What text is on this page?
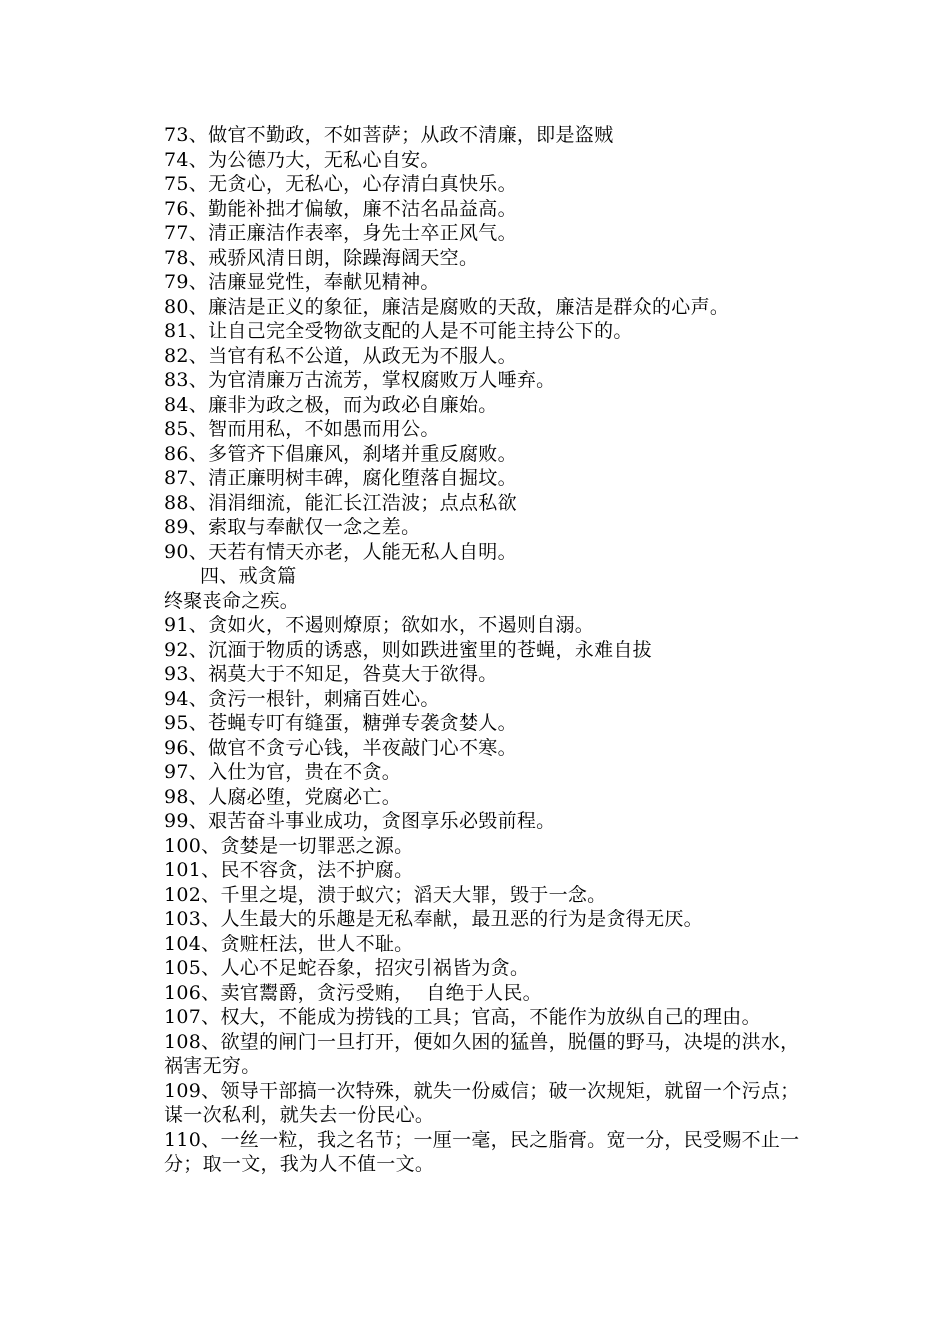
73、做官不勤政，不如菩萨；从政不清廉，即是盗贼

74、为公德乃大，无私心自安。

75、无贪心，无私心，心存清白真快乐。

76、勤能补拙才偏敏，廉不沽名品益高。

77、清正廉洁作表率，身先士卒正风气。

78、戒骄风清日朗，除躁海阔天空。

79、洁廉显党性，奉献见精神。

80、廉洁是正义的象征，廉洁是腐败的天敌，廉洁是群众的心声。

81、让自己完全受物欲支配的人是不可能主持公下的。

82、当官有私不公道，从政无为不服人。

83、为官清廉万古流芳，掌权腐败万人唾弃。

84、廉非为政之极，而为政必自廉始。

85、智而用私，不如愚而用公。

86、多管齐下倡廉风，刹堵并重反腐败。

87、清正廉明树丰碑，腐化堕落自掘坟。

88、涓涓细流，能汇长江浩波；点点私欲

89、索取与奉献仅一念之差。

90、天若有情天亦老，人能无私人自明。

四、戒贪篇

终聚丧命之疾。

91、贪如火，不遏则燎原；欲如水，不遏则自溺。

92、沉湎于物质的诱惑，则如跌进蜜里的苍蝇，永难自拔

93、祸莫大于不知足，咎莫大于欲得。

94、贪污一根针，刺痛百姓心。

95、苍蝇专叮有缝蛋，糖弹专袭贪婪人。

96、做官不贪亏心钱，半夜敲门心不寒。

97、入仕为官，贵在不贪。

98、人腐必堕，党腐必亡。

99、艰苦奋斗事业成功，贪图享乐必毁前程。

100、贪婪是一切罪恶之源。

101、民不容贪，法不护腐。

102、千里之堤，溃于蚁穴；滔天大罪，毁于一念。

103、人生最大的乐趣是无私奉献，最丑恶的行为是贪得无厌。

104、贪赃枉法，世人不耻。

105、人心不足蛇吞象，招灾引祸皆为贪。

106、卖官鬻爵，贪污受贿，  自绝于人民。

107、权大，不能成为捞钱的工具；官高，不能作为放纵自己的理由。

108、欲望的闸门一旦打开，便如久困的猛兽，脱僵的野马，决堤的洪水，祸害无穷。

109、领导干部搞一次特殊，就失一份威信；破一次规矩，就留一个污点；谋一次私利，就失去一份民心。

110、一丝一粒，我之名节；一厘一毫，民之脂膏。宽一分，民受赐不止一分；取一文，我为人不值一文。
